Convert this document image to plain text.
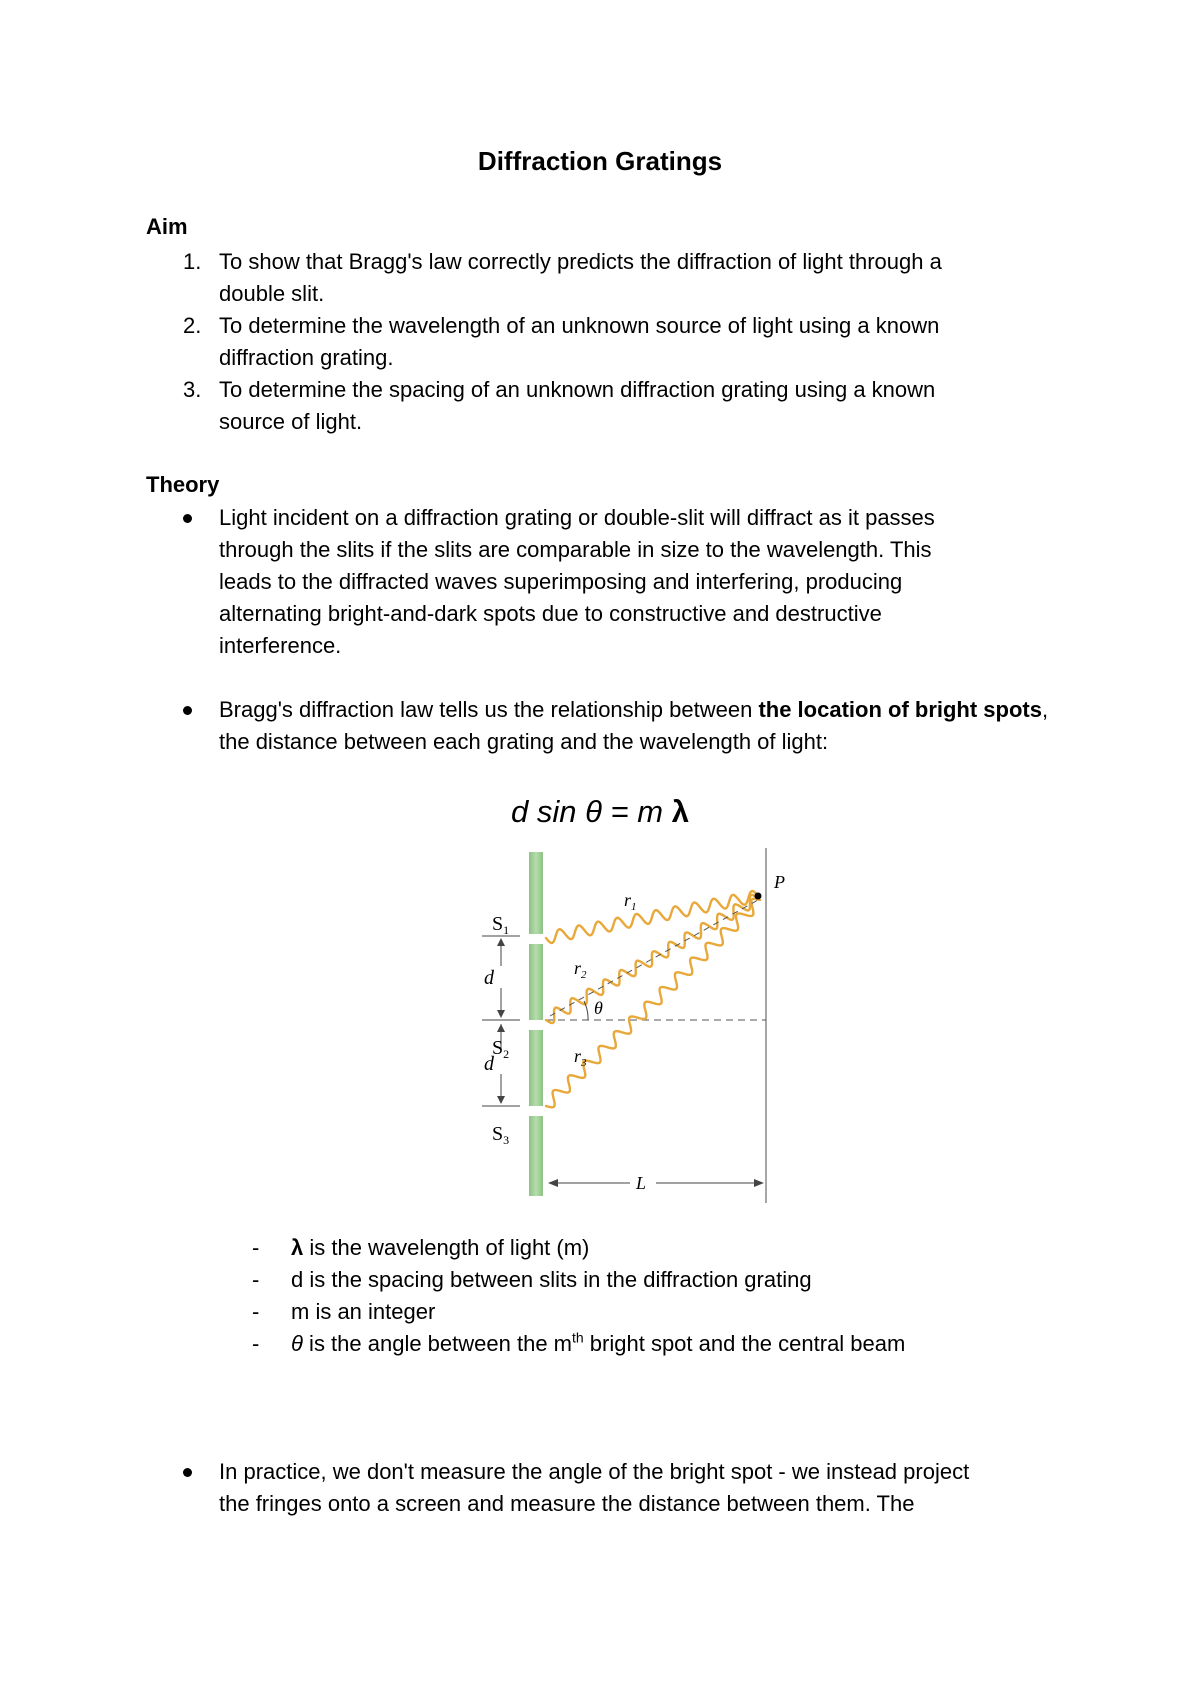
Diffraction Gratings
Aim
1. To show that Bragg's law correctly predicts the diffraction of light through a
double slit.
2. To determine the wavelength of an unknown source of light using a known
diffraction grating.
3. To determine the spacing of an unknown diffraction grating using a known
source of light.
Theory
Light incident on a diffraction grating or double-slit will diffract as it passes
through the slits if the slits are comparable in size to the wavelength. This
leads to the diffracted waves superimposing and interfering, producing
alternating bright-and-dark spots due to constructive and destructive
interference.
Bragg's diffraction law tells us the relationship between the location of bright spots, the distance between each grating and the wavelength of light:
d sin θ = m λ
$S_1$
$S_2$
$S_3$
d
d
$r_1$
$r_2$
$r_3$
θ
P
L
- λ is the wavelength of light (m)
- d is the spacing between slits in the diffraction grating
- m is an integer
- θ is the angle between the $m^{th}$ bright spot and the central beam
In practice, we don't measure the angle of the bright spot - we instead project
the fringes onto a screen and measure the distance between them. The
